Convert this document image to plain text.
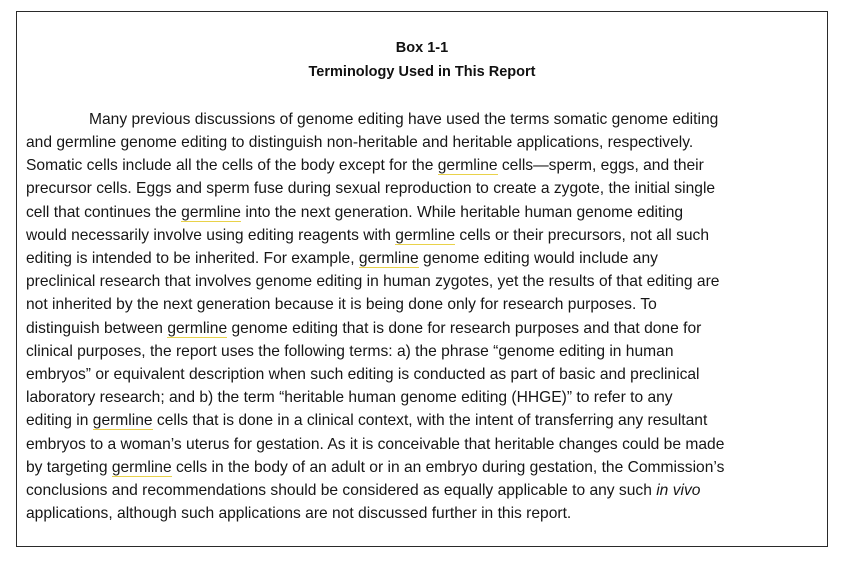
Box 1-1
Terminology Used in This Report
Many previous discussions of genome editing have used the terms somatic genome editing
and germline genome editing to distinguish non-heritable and heritable applications, respectively.
Somatic cells include all the cells of the body except for the germline cells—sperm, eggs, and their
precursor cells. Eggs and sperm fuse during sexual reproduction to create a zygote, the initial single
cell that continues the germline into the next generation. While heritable human genome editing
would necessarily involve using editing reagents with germline cells or their precursors, not all such
editing is intended to be inherited. For example, germline genome editing would include any
preclinical research that involves genome editing in human zygotes, yet the results of that editing are
not inherited by the next generation because it is being done only for research purposes. To
distinguish between germline genome editing that is done for research purposes and that done for
clinical purposes, the report uses the following terms: a) the phrase “genome editing in human
embryos” or equivalent description when such editing is conducted as part of basic and preclinical
laboratory research; and b) the term “heritable human genome editing (HHGE)” to refer to any
editing in germline cells that is done in a clinical context, with the intent of transferring any resultant
embryos to a woman’s uterus for gestation. As it is conceivable that heritable changes could be made
by targeting germline cells in the body of an adult or in an embryo during gestation, the Commission’s
conclusions and recommendations should be considered as equally applicable to any such in vivo
applications, although such applications are not discussed further in this report.
